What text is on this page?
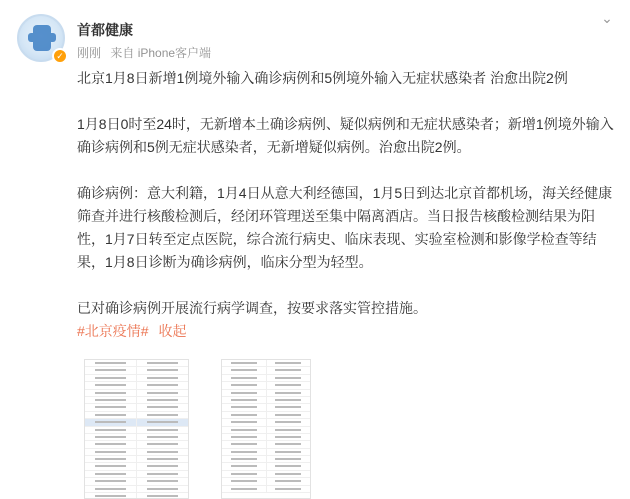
✓
首都健康
刚刚 来自 iPhone客户端
⌄

北京1月8日新增1例境外输入确诊病例和5例境外输入无症状感染者 治愈出院2例

1月8日0时至24时，无新增本土确诊病例、疑似病例和无症状感染者；新增1例境外输入确诊病例和5例无症状感染者，无新增疑似病例。治愈出院2例。

确诊病例：意大利籍，1月4日从意大利经德国，1月5日到达北京首都机场，海关经健康筛查并进行核酸检测后，经闭环管理送至集中隔离酒店。当日报告核酸检测结果为阳性，1月7日转至定点医院，综合流行病史、临床表现、实验室检测和影像学检查等结果，1月8日诊断为确诊病例，临床分型为轻型。

已对确诊病例开展流行病学调查，按要求落实管控措施。

#北京疫情# 收起
